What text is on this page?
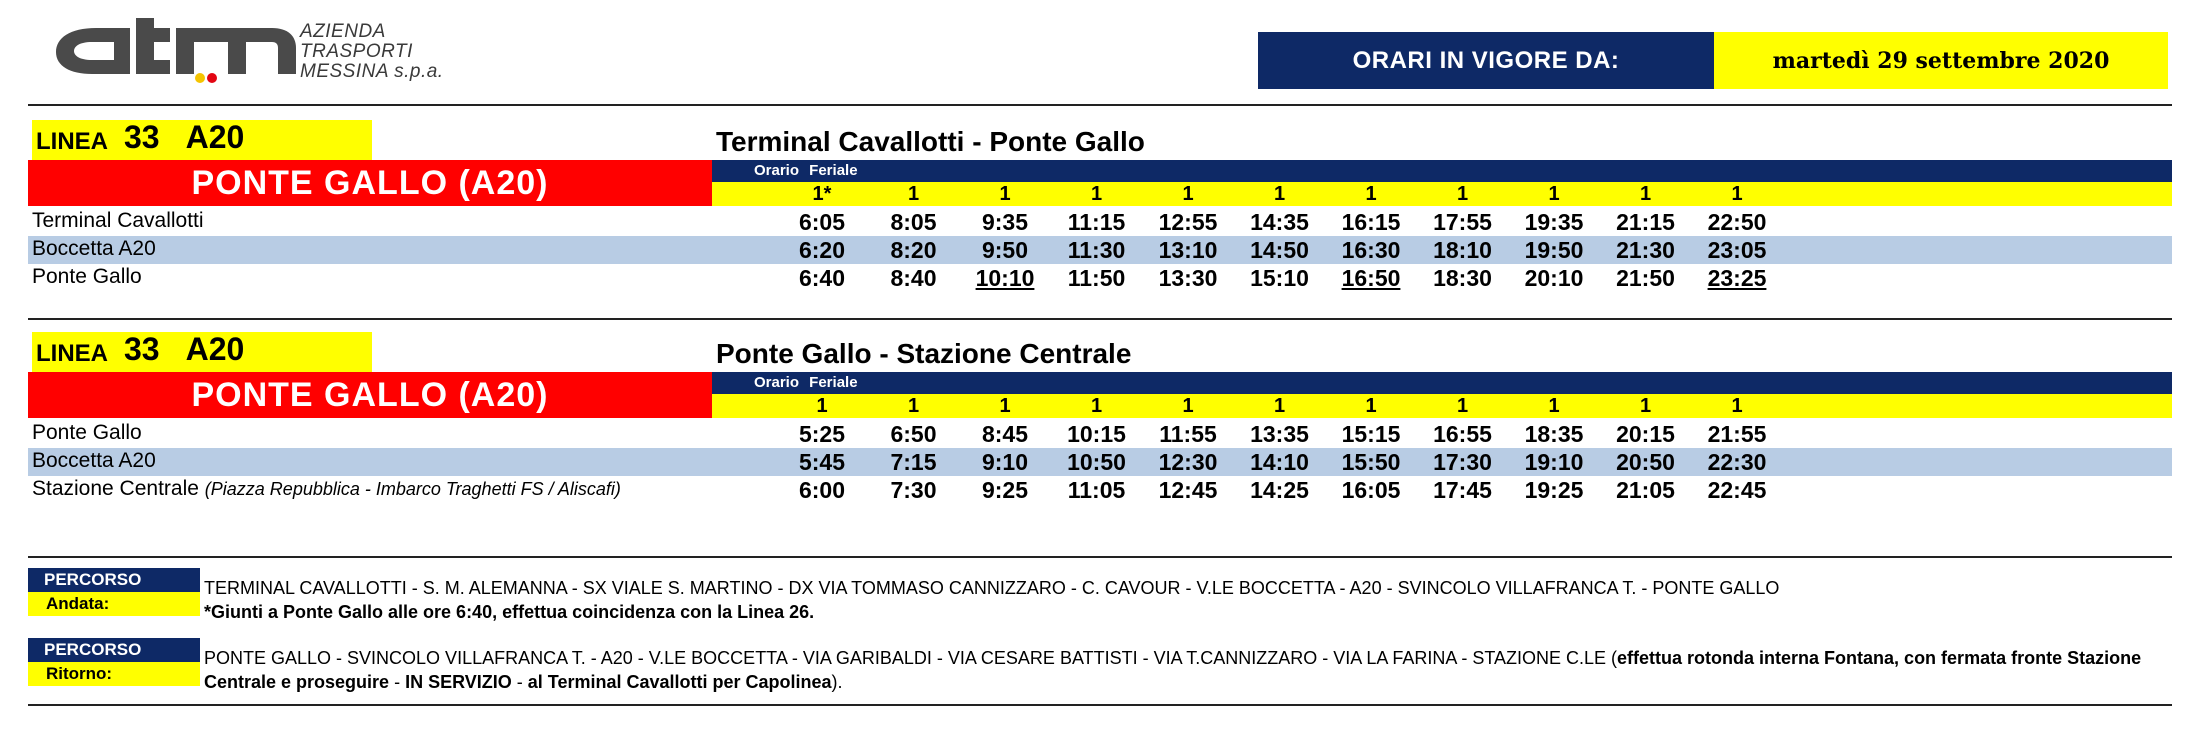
AZIENDA
TRASPORTI
MESSINA s.p.a.	ORARI IN VIGORE DA:	martedì 29 settembre 2020
LINEA 33 A20	Terminal Cavallotti - Ponte Gallo
PONTE GALLO (A20)	Orario Feriale
1*	1	1	1	1	1	1	1	1	1	1
Terminal Cavallotti	6:05	8:05	9:35	11:15	12:55	14:35	16:15	17:55	19:35	21:15	22:50
Boccetta A20	6:20	8:20	9:50	11:30	13:10	14:50	16:30	18:10	19:50	21:30	23:05
Ponte Gallo	6:40	8:40	10:10	11:50	13:30	15:10	16:50	18:30	20:10	21:50	23:25
LINEA 33 A20	Ponte Gallo - Stazione Centrale
PONTE GALLO (A20)	Orario Feriale
1	1	1	1	1	1	1	1	1	1	1
Ponte Gallo	5:25	6:50	8:45	10:15	11:55	13:35	15:15	16:55	18:35	20:15	21:55
Boccetta A20	5:45	7:15	9:10	10:50	12:30	14:10	15:50	17:30	19:10	20:50	22:30
Stazione Centrale (Piazza Repubblica - Imbarco Traghetti FS / Aliscafi)	6:00	7:30	9:25	11:05	12:45	14:25	16:05	17:45	19:25	21:05	22:45
PERCORSO
Andata:
TERMINAL CAVALLOTTI - S. M. ALEMANNA - SX VIALE S. MARTINO - DX VIA TOMMASO CANNIZZARO - C. CAVOUR - V.LE BOCCETTA - A20 - SVINCOLO VILLAFRANCA T. - PONTE GALLO
*Giunti a Ponte Gallo alle ore 6:40, effettua coincidenza con la Linea 26.
PERCORSO
Ritorno:
PONTE GALLO - SVINCOLO VILLAFRANCA T. - A20 - V.LE BOCCETTA - VIA GARIBALDI - VIA CESARE BATTISTI - VIA T.CANNIZZARO - VIA LA FARINA - STAZIONE C.LE (effettua rotonda interna Fontana, con fermata fronte Stazione Centrale e proseguire - IN SERVIZIO - al Terminal Cavallotti per Capolinea).
